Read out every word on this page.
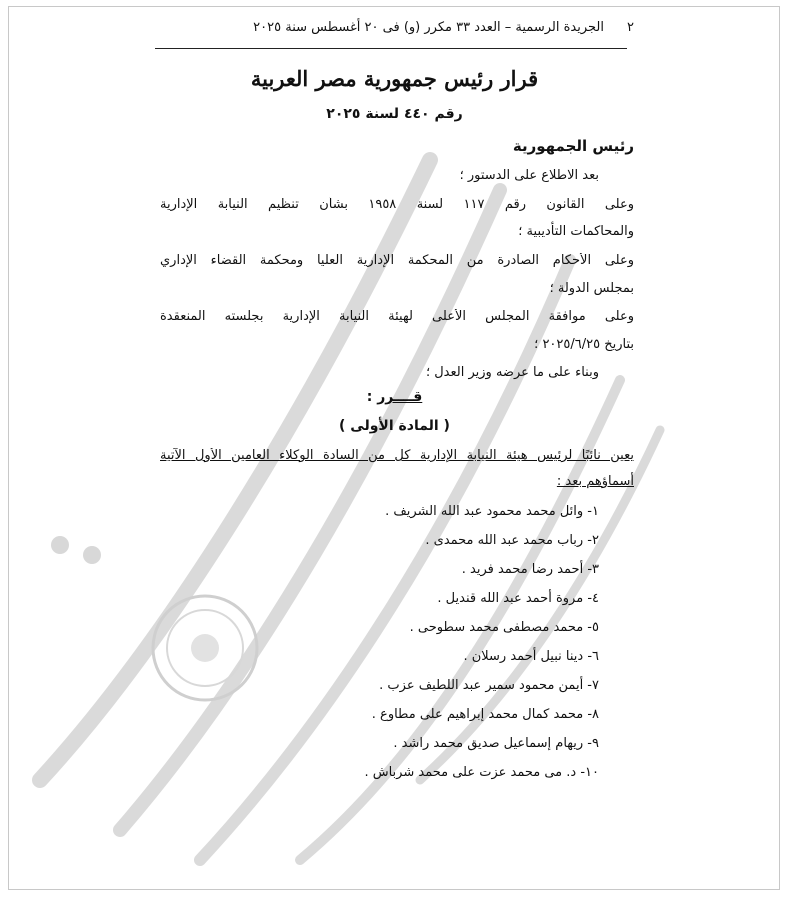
٢
الجريدة الرسمية – العدد ٣٣ مكرر (و) فى ٢٠ أغسطس سنة ٢٠٢٥
قرار رئيس جمهورية مصر العربية
رقم ٤٤٠ لسنة ٢٠٢٥
رئيس الجمهورية
بعد الاطلاع على الدستور ؛
وعلى القانون رقم ١١٧ لسنة ١٩٥٨ بشأن تنظيم النيابة الإدارية
والمحاكمات التأديبية ؛
وعلى الأحكام الصادرة من المحكمة الإدارية العليا ومحكمة القضاء الإداري
بمجلس الدولة ؛
وعلى موافقة المجلس الأعلى لهيئة النيابة الإدارية بجلسته المنعقدة
بتاريخ ٢٠٢٥/٦/٢٥ ؛
وبناء على ما عرضه وزير العدل ؛
قــــرر :
( المادة الأولى )
يعين نائبًا لرئيس هيئة النيابة الإدارية كل من السادة الوكلاء العامين الأول الآتية
أسماؤهم بعد :
١- وائل محمد محمود عبد الله الشريف .
٢- رباب محمد عبد الله محمدى .
٣- أحمد رضا محمد فريد .
٤- مروة أحمد عبد الله قنديل .
٥- محمد مصطفى محمد سطوحى .
٦- دينا نبيل أحمد رسلان .
٧- أيمن محمود سمير عبد اللطيف عزب .
٨- محمد كمال محمد إبراهيم على مطاوع .
٩- ريهام إسماعيل صديق محمد راشد .
١٠- د. مى محمد عزت على محمد شرباش .
